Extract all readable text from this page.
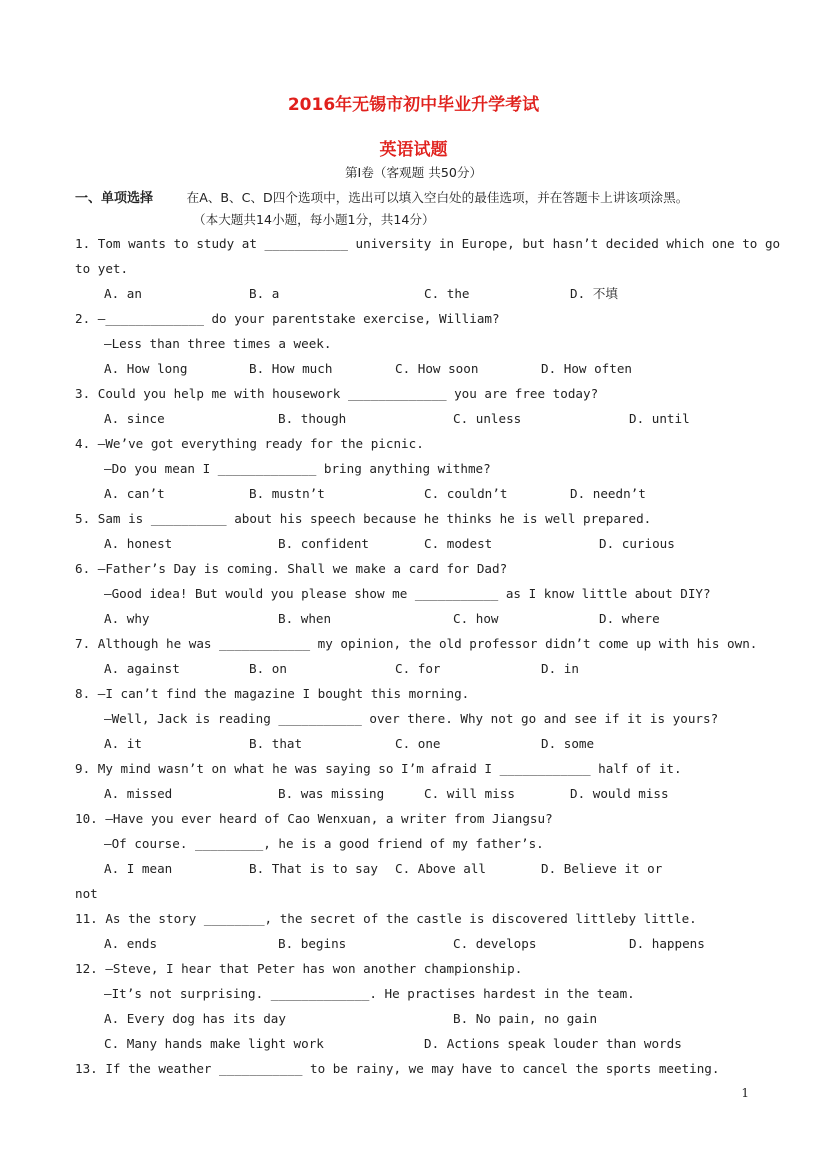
2016年无锡市初中毕业升学考试
英语试题
第Ⅰ卷（客观题 共50分）
一、单项选择	在A、B、C、D四个选项中，选出可以填入空白处的最佳选项，并在答题卡上讲该项涂黑。
（本大题共14小题，每小题1分，共14分）
1. Tom wants to study at ___________ university in Europe, but hasn’t decided which one to go
to yet.
A. an	B. a	C. the	D. 不填
2. —_____________ do your parentstake exercise, William?
—Less than three times a week.
A. How long	B. How much	C. How soon	D. How often
3. Could you help me with housework _____________ you are free today?
A. since	B. though	C. unless	D. until
4. —We’ve got everything ready for the picnic.
—Do you mean I _____________ bring anything withme?
A. can’t	B. mustn’t	C. couldn’t	D. needn’t
5. Sam is __________ about his speech because he thinks he is well prepared.
A. honest	B. confident	C. modest	D. curious
6. —Father’s Day is coming. Shall we make a card for Dad?
—Good idea! But would you please show me ___________ as I know little about DIY?
A. why	B. when	C. how	D. where
7. Although he was ____________ my opinion, the old professor didn’t come up with his own.
A. against	B. on	C. for	D. in
8. —I can’t find the magazine I bought this morning.
—Well, Jack is reading ___________ over there. Why not go and see if it is yours?
A. it	B. that	C. one	D. some
9. My mind wasn’t on what he was saying so I’m afraid I ____________ half of it.
A. missed	B. was missing	C. will miss	D. would miss
10. —Have you ever heard of Cao Wenxuan, a writer from Jiangsu?
—Of course. _________, he is a good friend of my father’s.
A. I mean	B. That is to say C. Above all	D. Believe it or
not
11. As the story ________, the secret of the castle is discovered littleby little.
A. ends	B. begins	C. develops	D. happens
12. —Steve, I hear that Peter has won another championship.
—It’s not surprising. _____________. He practises hardest in the team.
A. Every dog has its day	B. No pain, no gain
C. Many hands make light work	D. Actions speak louder than words
13. If the weather ___________ to be rainy, we may have to cancel the sports meeting.
1
